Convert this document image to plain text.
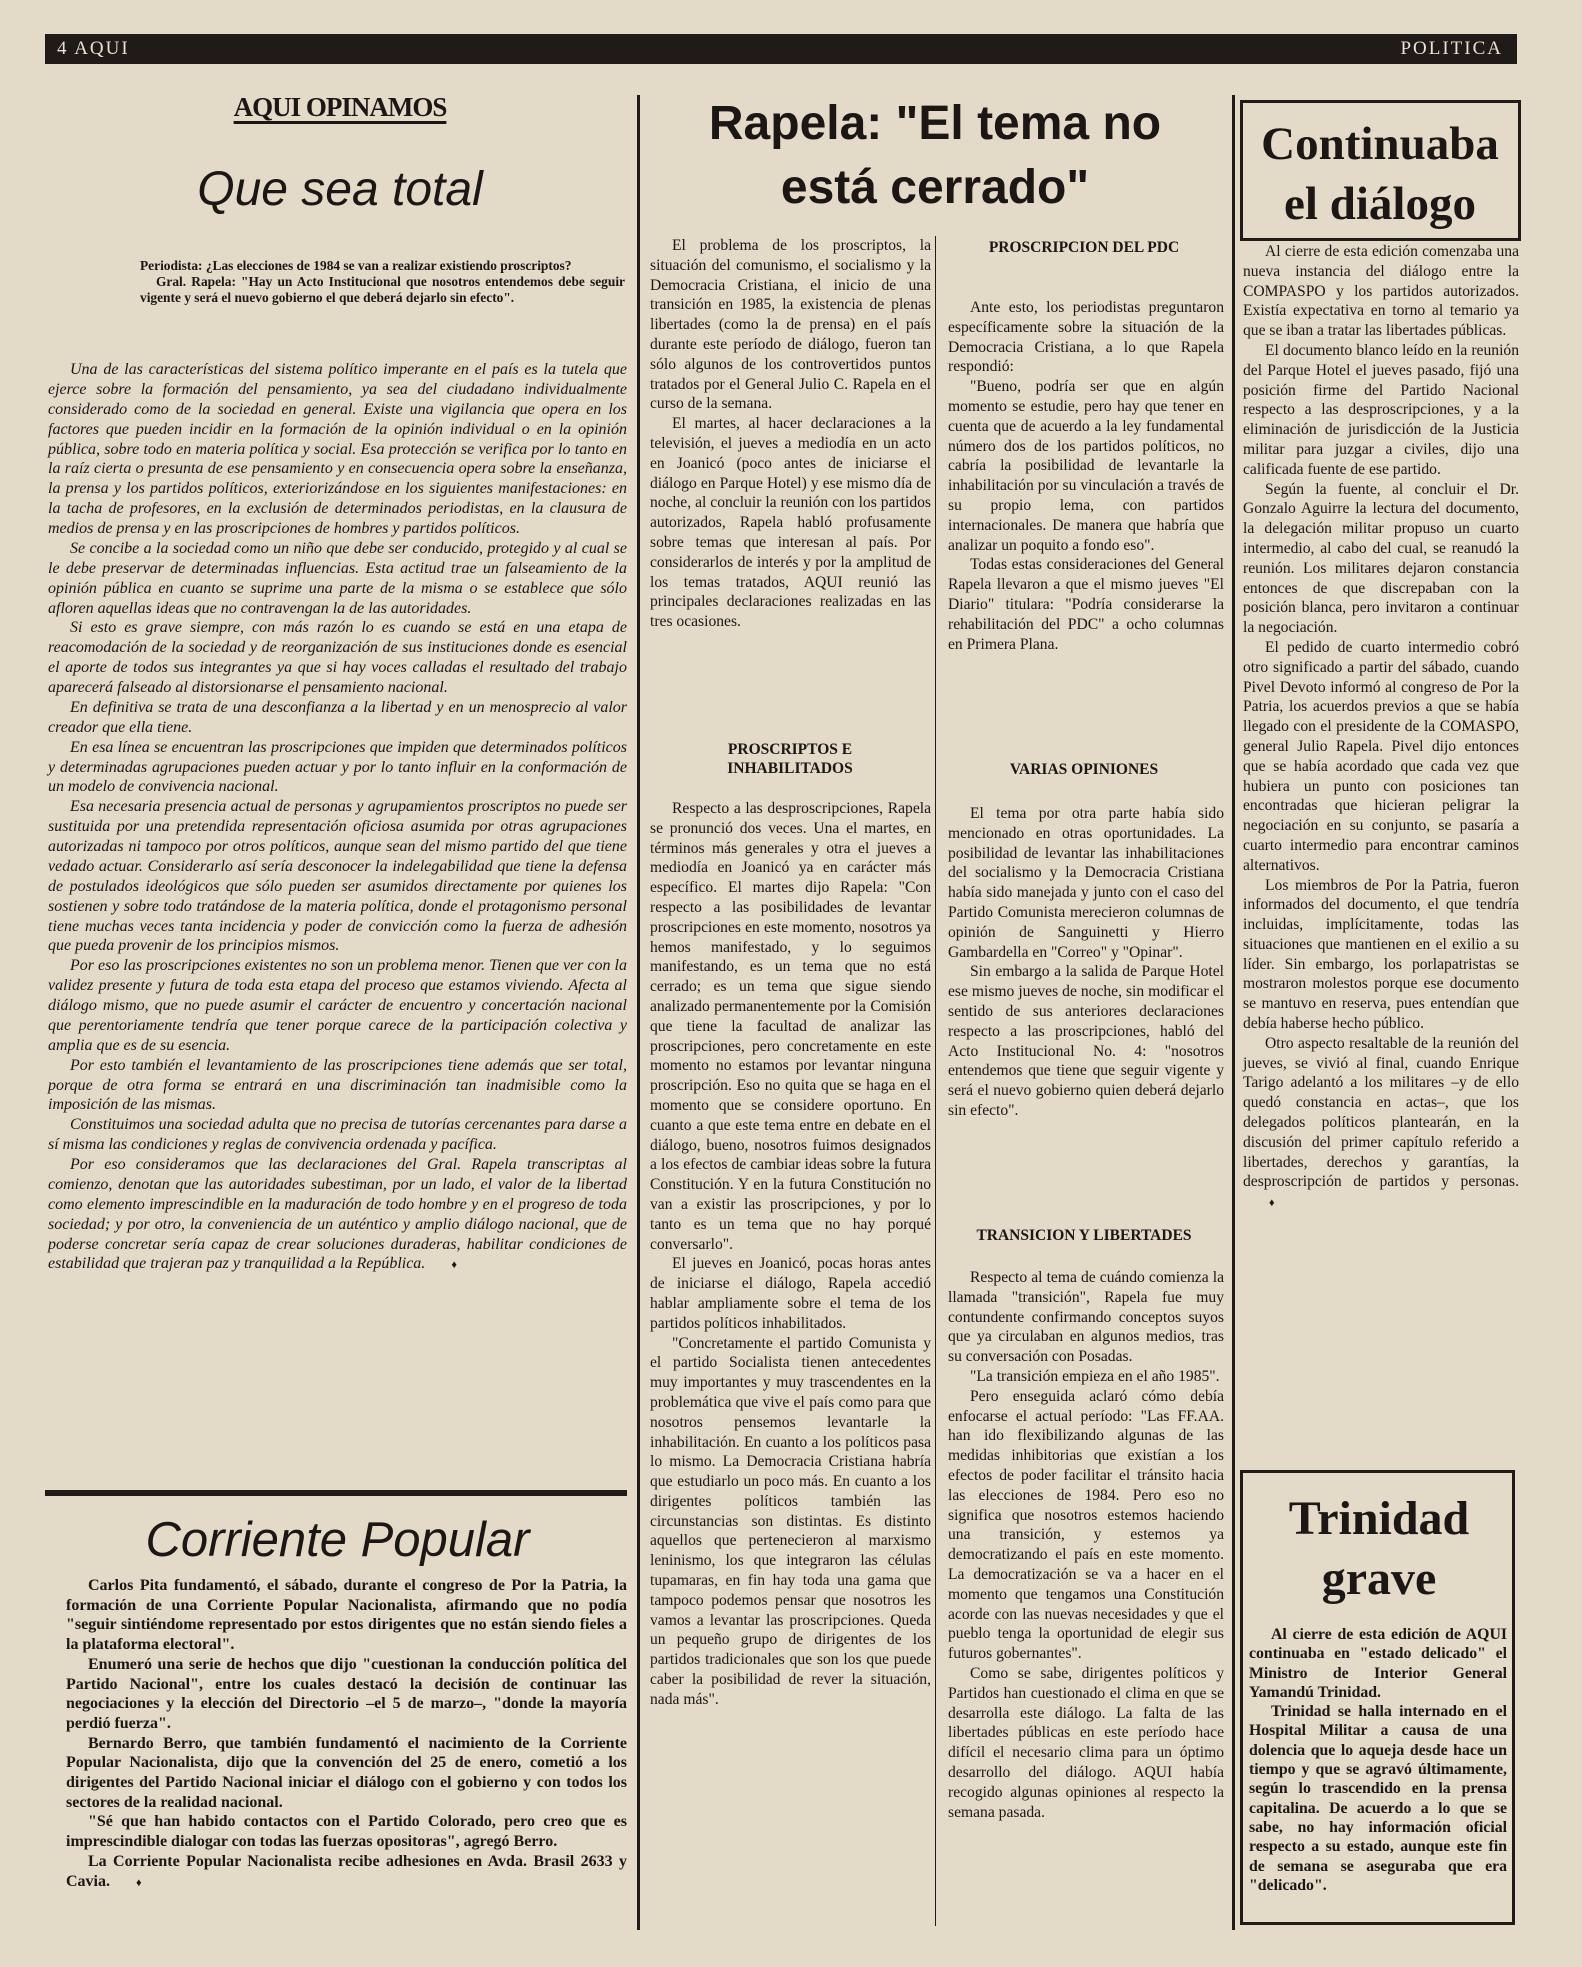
4 AQUI	POLITICA
AQUI OPINAMOS
Que sea total
Periodista: ¿Las elecciones de 1984 se van a realizar existiendo proscriptos?
Gral. Rapela: "Hay un Acto Institucional que nosotros entendemos debe seguir vigente y será el nuevo gobierno el que deberá dejarlo sin efecto".

Una de las características del sistema político imperante en el país es la tutela que ejerce sobre la formación del pensamiento, ya sea del ciudadano individualmente considerado como de la sociedad en general. Existe una vigilancia que opera en los factores que pueden incidir en la formación de la opinión individual o en la opinión pública, sobre todo en materia política y social. Esa protección se verifica por lo tanto en la raíz cierta o presunta de ese pensamiento y en consecuencia opera sobre la enseñanza, la prensa y los partidos políticos, exteriorizándose en los siguientes manifestaciones: en la tacha de profesores, en la exclusión de determinados periodistas, en la clausura de medios de prensa y en las proscripciones de hombres y partidos políticos.

Se concibe a la sociedad como un niño que debe ser conducido, protegido y al cual se le debe preservar de determinadas influencias. Esta actitud trae un falseamiento de la opinión pública en cuanto se suprime una parte de la misma o se establece que sólo afloren aquellas ideas que no contravengan la de las autoridades.

Si esto es grave siempre, con más razón lo es cuando se está en una etapa de reacomodación de la sociedad y de reorganización de sus instituciones donde es esencial el aporte de todos sus integrantes ya que si hay voces calladas el resultado del trabajo aparecerá falseado al distorsionarse el pensamiento nacional.

En definitiva se trata de una desconfianza a la libertad y en un menosprecio al valor creador que ella tiene.

En esa línea se encuentran las proscripciones que impiden que determinados políticos y determinadas agrupaciones pueden actuar y por lo tanto influir en la conformación de un modelo de convivencia nacional.

Esa necesaria presencia actual de personas y agrupamientos proscriptos no puede ser sustituida por una pretendida representación oficiosa asumida por otras agrupaciones autorizadas ni tampoco por otros políticos, aunque sean del mismo partido del que tiene vedado actuar. Considerarlo así sería desconocer la indelegabilidad que tiene la defensa de postulados ideológicos que sólo pueden ser asumidos directamente por quienes los sostienen y sobre todo tratándose de la materia política, donde el protagonismo personal tiene muchas veces tanta incidencia y poder de convicción como la fuerza de adhesión que pueda provenir de los principios mismos.

Por eso las proscripciones existentes no son un problema menor. Tienen que ver con la validez presente y futura de toda esta etapa del proceso que estamos viviendo. Afecta al diálogo mismo, que no puede asumir el carácter de encuentro y concertación nacional que perentoriamente tendría que tener porque carece de la participación colectiva y amplia que es de su esencia.

Por esto también el levantamiento de las proscripciones tiene además que ser total, porque de otra forma se entrará en una discriminación tan inadmisible como la imposición de las mismas.

Constituimos una sociedad adulta que no precisa de tutorías cercenantes para darse a sí misma las condiciones y reglas de convivencia ordenada y pacífica.

Por eso consideramos que las declaraciones del Gral. Rapela transcriptas al comienzo, denotan que las autoridades subestiman, por un lado, el valor de la libertad como elemento imprescindible en la maduración de todo hombre y en el progreso de toda sociedad; y por otro, la conveniencia de un auténtico y amplio diálogo nacional, que de poderse concretar sería capaz de crear soluciones duraderas, habilitar condiciones de estabilidad que trajeran paz y tranquilidad a la República. ♦

Corriente Popular

Carlos Pita fundamentó, el sábado, durante el congreso de Por la Patria, la formación de una Corriente Popular Nacionalista, afirmando que no podía "seguir sintiéndome representado por estos dirigentes que no están siendo fieles a la plataforma electoral".

Enumeró una serie de hechos que dijo "cuestionan la conducción política del Partido Nacional", entre los cuales destacó la decisión de continuar las negociaciones y la elección del Directorio –el 5 de marzo–, "donde la mayoría perdió fuerza".

Bernardo Berro, que también fundamentó el nacimiento de la Corriente Popular Nacionalista, dijo que la convención del 25 de enero, cometió a los dirigentes del Partido Nacional iniciar el diálogo con el gobierno y con todos los sectores de la realidad nacional.

"Sé que han habido contactos con el Partido Colorado, pero creo que es imprescindible dialogar con todas las fuerzas opositoras", agregó Berro.

La Corriente Popular Nacionalista recibe adhesiones en Avda. Brasil 2633 y Cavia. ♦

Rapela: "El tema no está cerrado"

El problema de los proscriptos, la situación del comunismo, el socialismo y la Democracia Cristiana, el inicio de una transición en 1985, la existencia de plenas libertades (como la de prensa) en el país durante este período de diálogo, fueron tan sólo algunos de los controvertidos puntos tratados por el General Julio C. Rapela en el curso de la semana.

El martes, al hacer declaraciones a la televisión, el jueves a mediodía en un acto en Joanicó (poco antes de iniciarse el diálogo en Parque Hotel) y ese mismo día de noche, al concluir la reunión con los partidos autorizados, Rapela habló profusamente sobre temas que interesan al país. Por considerarlos de interés y por la amplitud de los temas tratados, AQUI reunió las principales declaraciones realizadas en las tres ocasiones.

PROSCRIPTOS E INHABILITADOS

Respecto a las desproscripciones, Rapela se pronunció dos veces. Una el martes, en términos más generales y otra el jueves a mediodía en Joanicó ya en carácter más específico. El martes dijo Rapela: "Con respecto a las posibilidades de levantar proscripciones en este momento, nosotros ya hemos manifestado, y lo seguimos manifestando, es un tema que no está cerrado; es un tema que sigue siendo analizado permanentemente por la Comisión que tiene la facultad de analizar las proscripciones, pero concretamente en este momento no estamos por levantar ninguna proscripción. Eso no quita que se haga en el momento que se considere oportuno. En cuanto a que este tema entre en debate en el diálogo, bueno, nosotros fuimos designados a los efectos de cambiar ideas sobre la futura Constitución. Y en la futura Constitución no van a existir las proscripciones, y por lo tanto es un tema que no hay porqué conversarlo".

El jueves en Joanicó, pocas horas antes de iniciarse el diálogo, Rapela accedió hablar ampliamente sobre el tema de los partidos políticos inhabilitados.

"Concretamente el partido Comunista y el partido Socialista tienen antecedentes muy importantes y muy trascendentes en la problemática que vive el país como para que nosotros pensemos levantarle la inhabilitación. En cuanto a los políticos pasa lo mismo. La Democracia Cristiana habría que estudiarlo un poco más. En cuanto a los dirigentes políticos también las circunstancias son distintas. Es distinto aquellos que pertenecieron al marxismo leninismo, los que integraron las células tupamaras, en fin hay toda una gama que tampoco podemos pensar que nosotros les vamos a levantar las proscripciones. Queda un pequeño grupo de dirigentes de los partidos tradicionales que son los que puede caber la posibilidad de rever la situación, nada más".

PROSCRIPCION DEL PDC

Ante esto, los periodistas preguntaron específicamente sobre la situación de la Democracia Cristiana, a lo que Rapela respondió:

"Bueno, podría ser que en algún momento se estudie, pero hay que tener en cuenta que de acuerdo a la ley fundamental número dos de los partidos políticos, no cabría la posibilidad de levantarle la inhabilitación por su vinculación a través de su propio lema, con partidos internacionales. De manera que habría que analizar un poquito a fondo eso".

Todas estas consideraciones del General Rapela llevaron a que el mismo jueves "El Diario" titulara: "Podría considerarse la rehabilitación del PDC" a ocho columnas en Primera Plana.

VARIAS OPINIONES

El tema por otra parte había sido mencionado en otras oportunidades. La posibilidad de levantar las inhabilitaciones del socialismo y la Democracia Cristiana había sido manejada y junto con el caso del Partido Comunista merecieron columnas de opinión de Sanguinetti y Hierro Gambardella en "Correo" y "Opinar".

Sin embargo a la salida de Parque Hotel ese mismo jueves de noche, sin modificar el sentido de sus anteriores declaraciones respecto a las proscripciones, habló del Acto Institucional No. 4: "nosotros entendemos que tiene que seguir vigente y será el nuevo gobierno quien deberá dejarlo sin efecto".

TRANSICION Y LIBERTADES

Respecto al tema de cuándo comienza la llamada "transición", Rapela fue muy contundente confirmando conceptos suyos que ya circulaban en algunos medios, tras su conversación con Posadas.

"La transición empieza en el año 1985".

Pero enseguida aclaró cómo debía enfocarse el actual período: "Las FF.AA. han ido flexibilizando algunas de las medidas inhibitorias que existían a los efectos de poder facilitar el tránsito hacia las elecciones de 1984. Pero eso no significa que nosotros estemos haciendo una transición, y estemos ya democratizando el país en este momento. La democratización se va a hacer en el momento que tengamos una Constitución acorde con las nuevas necesidades y que el pueblo tenga la oportunidad de elegir sus futuros gobernantes".

Como se sabe, dirigentes políticos y Partidos han cuestionado el clima en que se desarrolla este diálogo. La falta de las libertades públicas en este período hace difícil el necesario clima para un óptimo desarrollo del diálogo. AQUI había recogido algunas opiniones al respecto la semana pasada.

Continuaba el diálogo

Al cierre de esta edición comenzaba una nueva instancia del diálogo entre la COMPASPO y los partidos autorizados. Existía expectativa en torno al temario ya que se iban a tratar las libertades públicas.

El documento blanco leído en la reunión del Parque Hotel el jueves pasado, fijó una posición firme del Partido Nacional respecto a las desproscripciones, y a la eliminación de jurisdicción de la Justicia militar para juzgar a civiles, dijo una calificada fuente de ese partido.

Según la fuente, al concluir el Dr. Gonzalo Aguirre la lectura del documento, la delegación militar propuso un cuarto intermedio, al cabo del cual, se reanudó la reunión. Los militares dejaron constancia entonces de que discrepaban con la posición blanca, pero invitaron a continuar la negociación.

El pedido de cuarto intermedio cobró otro significado a partir del sábado, cuando Pivel Devoto informó al congreso de Por la Patria, los acuerdos previos a que se había llegado con el presidente de la COMASPO, general Julio Rapela. Pivel dijo entonces que se había acordado que cada vez que hubiera un punto con posiciones tan encontradas que hicieran peligrar la negociación en su conjunto, se pasaría a cuarto intermedio para encontrar caminos alternativos.

Los miembros de Por la Patria, fueron informados del documento, el que tendría incluidas, implícitamente, todas las situaciones que mantienen en el exilio a su líder. Sin embargo, los porlapatristas se mostraron molestos porque ese documento se mantuvo en reserva, pues entendían que debía haberse hecho público.

Otro aspecto resaltable de la reunión del jueves, se vivió al final, cuando Enrique Tarigo adelantó a los militares –y de ello quedó constancia en actas–, que los delegados políticos plantearán, en la discusión del primer capítulo referido a libertades, derechos y garantías, la desproscripción de partidos y personas.♦

Trinidad grave

Al cierre de esta edición de AQUI continuaba en "estado delicado" el Ministro de Interior General Yamandú Trinidad.

Trinidad se halla internado en el Hospital Militar a causa de una dolencia que lo aqueja desde hace un tiempo y que se agravó últimamente, según lo trascendido en la prensa capitalina. De acuerdo a lo que se sabe, no hay información oficial respecto a su estado, aunque este fin de semana se aseguraba que era "delicado".
